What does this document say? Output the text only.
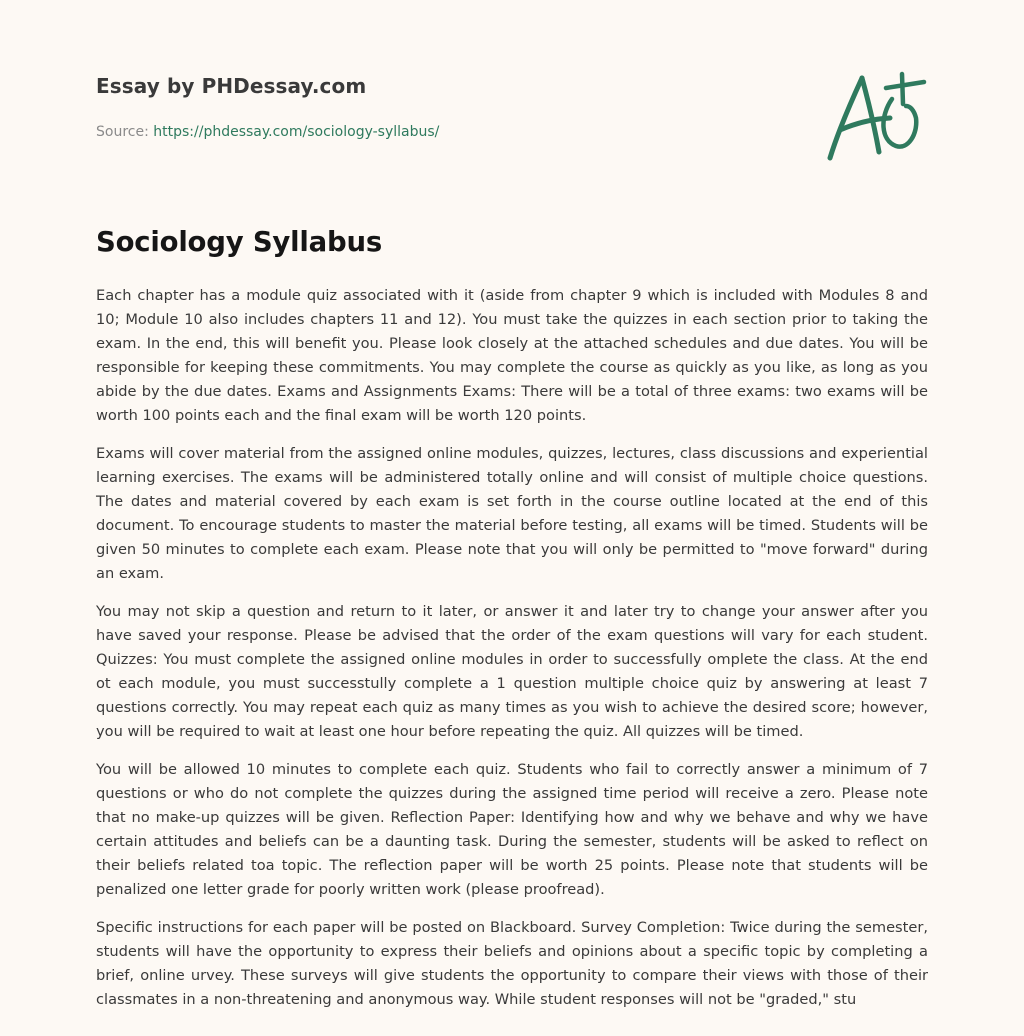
Essay by PHDessay.com
Source: https://phdessay.com/sociology-syllabus/
Sociology Syllabus

Each chapter has a module quiz associated with it (aside from chapter 9 which is included with Modules 8 and 10; Module 10 also includes chapters 11 and 12). You must take the quizzes in each section prior to taking the exam. In the end, this will benefit you. Please look closely at the attached schedules and due dates. You will be responsible for keeping these commitments. You may complete the course as quickly as you like, as long as you abide by the due dates. Exams and Assignments Exams: There will be a total of three exams: two exams will be worth 100 points each and the final exam will be worth 120 points.

Exams will cover material from the assigned online modules, quizzes, lectures, class discussions and experiential learning exercises. The exams will be administered totally online and will consist of multiple choice questions. The dates and material covered by each exam is set forth in the course outline located at the end of this document. To encourage students to master the material before testing, all exams will be timed. Students will be given 50 minutes to complete each exam. Please note that you will only be permitted to "move forward" during an exam.

You may not skip a question and return to it later, or answer it and later try to change your answer after you have saved your response. Please be advised that the order of the exam questions will vary for each student. Quizzes: You must complete the assigned online modules in order to successfully omplete the class. At the end ot each module, you must successtully complete a 1 question multiple choice quiz by answering at least 7 questions correctly. You may repeat each quiz as many times as you wish to achieve the desired score; however, you will be required to wait at least one hour before repeating the quiz. All quizzes will be timed.

You will be allowed 10 minutes to complete each quiz. Students who fail to correctly answer a minimum of 7 questions or who do not complete the quizzes during the assigned time period will receive a zero. Please note that no make-up quizzes will be given. Reflection Paper: Identifying how and why we behave and why we have certain attitudes and beliefs can be a daunting task. During the semester, students will be asked to reflect on their beliefs related toa topic. The reflection paper will be worth 25 points. Please note that students will be penalized one letter grade for poorly written work (please proofread).

Specific instructions for each paper will be posted on Blackboard. Survey Completion: Twice during the semester, students will have the opportunity to express their beliefs and opinions about a specific topic by completing a brief, online urvey. These surveys will give students the opportunity to compare their views with those of their classmates in a non-threatening and anonymous way. While student responses will not be "graded," stu
